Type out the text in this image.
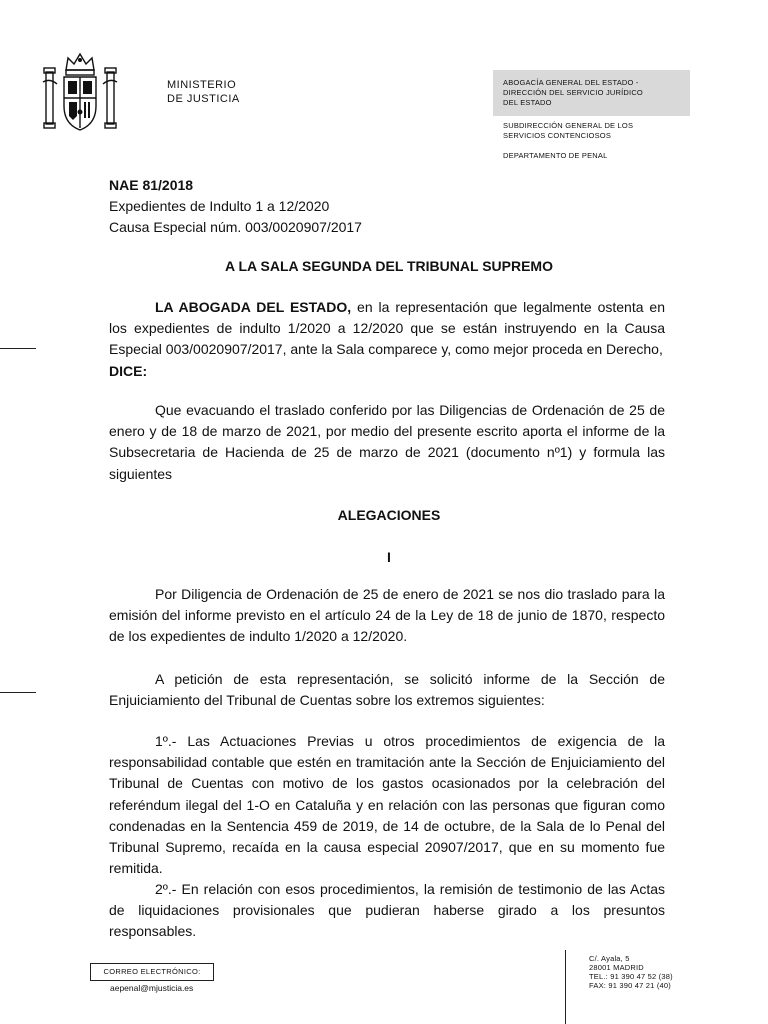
MINISTERIO
DE JUSTICIA
ABOGACÍA GENERAL DEL ESTADO -
DIRECCIÓN DEL SERVICIO JURÍDICO
DEL ESTADO
SUBDIRECCIÓN GENERAL DE LOS
SERVICIOS CONTENCIOSOS
DEPARTAMENTO DE PENAL
NAE 81/2018
Expedientes de Indulto 1 a 12/2020
Causa Especial núm. 003/0020907/2017
A LA SALA SEGUNDA DEL TRIBUNAL SUPREMO
LA ABOGADA DEL ESTADO, en la representación que legalmente ostenta en los expedientes de indulto 1/2020 a 12/2020 que se están instruyendo en la Causa Especial 003/0020907/2017, ante la Sala comparece y, como mejor proceda en Derecho,
DICE:
Que evacuando el traslado conferido por las Diligencias de Ordenación de 25 de enero y de 18 de marzo de 2021, por medio del presente escrito aporta el informe de la Subsecretaria de Hacienda de 25 de marzo de 2021 (documento nº1) y formula las siguientes
ALEGACIONES
I
Por Diligencia de Ordenación de 25 de enero de 2021 se nos dio traslado para la emisión del informe previsto en el artículo 24 de la Ley de 18 de junio de 1870, respecto de los expedientes de indulto 1/2020 a 12/2020.
A petición de esta representación, se solicitó informe de la Sección de Enjuiciamiento del Tribunal de Cuentas sobre los extremos siguientes:
1º.- Las Actuaciones Previas u otros procedimientos de exigencia de la responsabilidad contable que estén en tramitación ante la Sección de Enjuiciamiento del Tribunal de Cuentas con motivo de los gastos ocasionados por la celebración del referéndum ilegal del 1-O en Cataluña y en relación con las personas que figuran como condenadas en la Sentencia 459 de 2019, de 14 de octubre, de la Sala de lo Penal del Tribunal Supremo, recaída en la causa especial 20907/2017, que en su momento fue remitida.
2º.- En relación con esos procedimientos, la remisión de testimonio de las Actas de liquidaciones provisionales que pudieran haberse girado a los presuntos responsables.
CORREO ELECTRÓNICO:
aepenal@mjusticia.es
C/. Ayala, 5
28001 MADRID
TEL.: 91 390 47 52 (38)
FAX: 91 390 47 21 (40)
